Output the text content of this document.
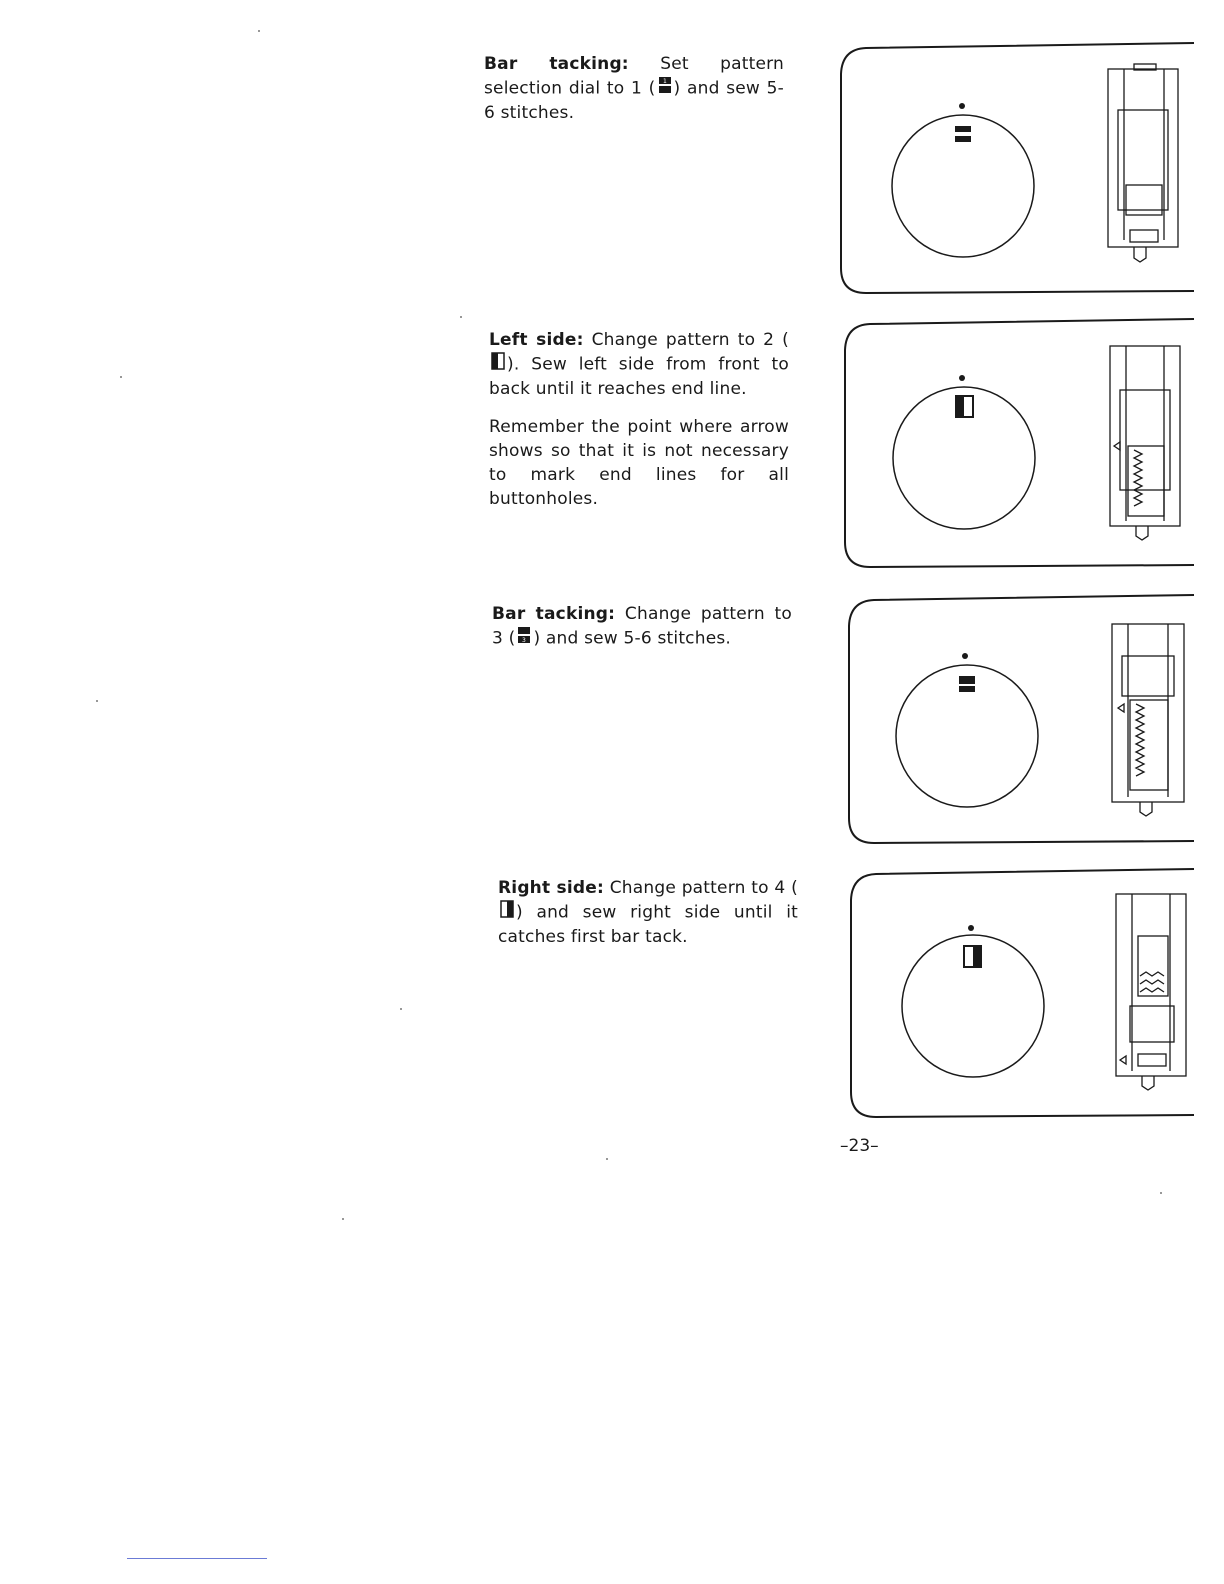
Bar tacking: Set pattern selection dial to 1 ( 1 ) and sew 5-6 stitches.

Left side: Change pattern to 2 (). Sew left side from front to back until it reaches end line.

Remember the point where arrow shows so that it is not necessary to mark end lines for all buttonholes.

Bar tacking: Change pattern to 3 ( 3 ) and sew 5-6 stitches.

Right side: Change pattern to 4 () and sew right side until it catches first bar tack.

–23–
